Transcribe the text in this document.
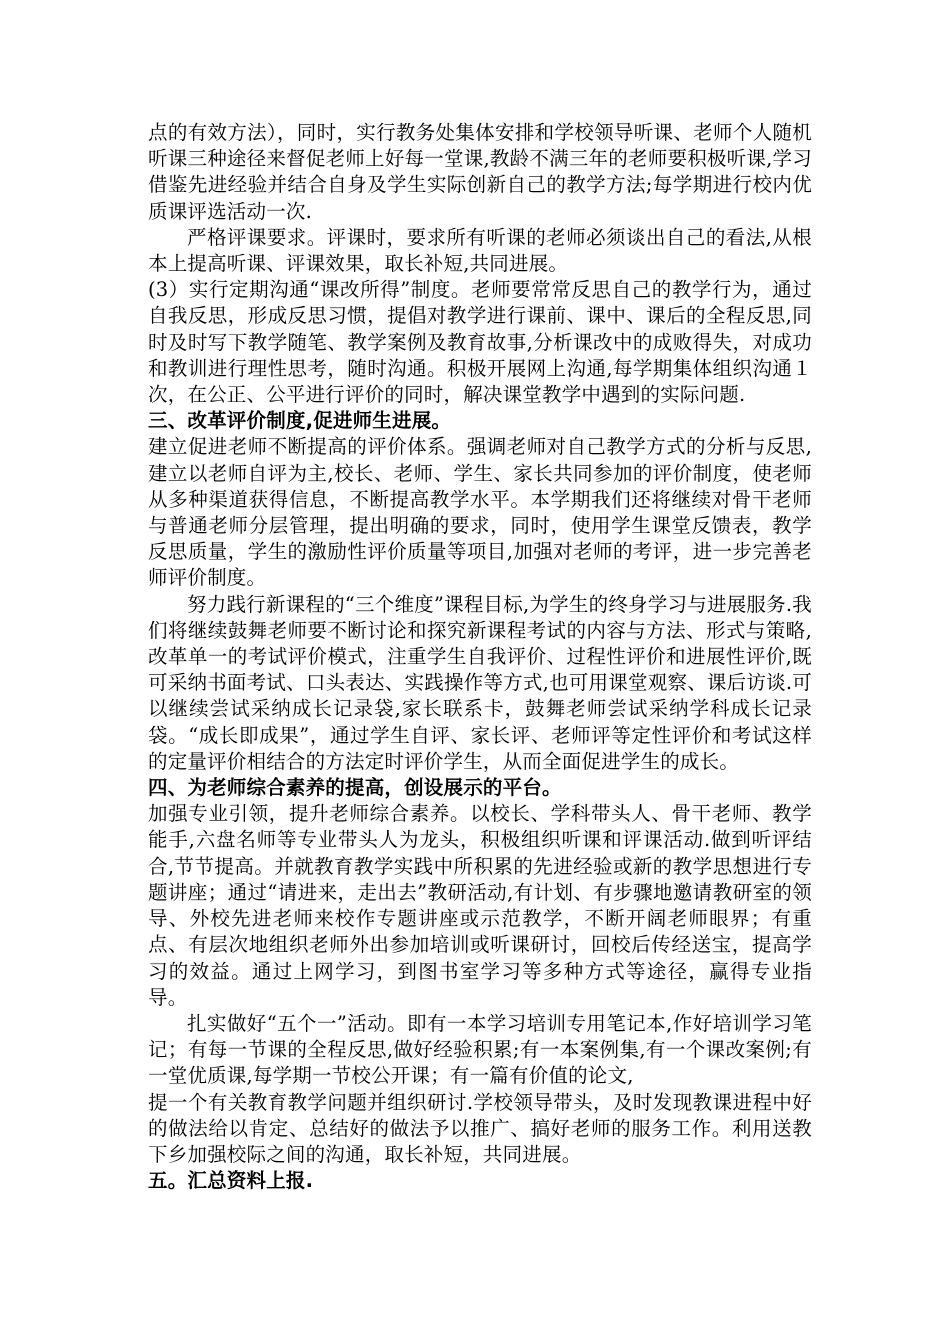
点的有效方法），同时，实行教务处集体安排和学校领导听课、老师个人随机听课三种途径来督促老师上好每一堂课,教龄不满三年的老师要积极听课,学习借鉴先进经验并结合自身及学生实际创新自己的教学方法;每学期进行校内优质课评选活动一次.

严格评课要求。评课时，要求所有听课的老师必须谈出自己的看法,从根本上提高听课、评课效果，取长补短,共同进展。

(3）实行定期沟通“课改所得”制度。老师要常常反思自己的教学行为，通过自我反思，形成反思习惯，提倡对教学进行课前、课中、课后的全程反思,同时及时写下教学随笔、教学案例及教育故事,分析课改中的成败得失，对成功和教训进行理性思考，随时沟通。积极开展网上沟通,每学期集体组织沟通１次，在公正、公平进行评价的同时，解决课堂教学中遇到的实际问题.

三、改革评价制度,促进师生进展。

建立促进老师不断提高的评价体系。强调老师对自己教学方式的分析与反思,建立以老师自评为主,校长、老师、学生、家长共同参加的评价制度，使老师从多种渠道获得信息，不断提高教学水平。本学期我们还将继续对骨干老师与普通老师分层管理，提出明确的要求，同时，使用学生课堂反馈表，教学反思质量，学生的激励性评价质量等项目,加强对老师的考评，进一步完善老师评价制度。

努力践行新课程的“三个维度”课程目标,为学生的终身学习与进展服务.我们将继续鼓舞老师要不断讨论和探究新课程考试的内容与方法、形式与策略,改革单一的考试评价模式，注重学生自我评价、过程性评价和进展性评价,既可采纳书面考试、口头表达、实践操作等方式,也可用课堂观察、课后访谈.可以继续尝试采纳成长记录袋,家长联系卡，鼓舞老师尝试采纳学科成长记录袋。“成长即成果”，通过学生自评、家长评、老师评等定性评价和考试这样的定量评价相结合的方法定时评价学生，从而全面促进学生的成长。

四、为老师综合素养的提高，创设展示的平台。

加强专业引领，提升老师综合素养。以校长、学科带头人、骨干老师、教学能手,六盘名师等专业带头人为龙头，积极组织听课和评课活动.做到听评结合,节节提高。并就教育教学实践中所积累的先进经验或新的教学思想进行专题讲座；通过“请进来，走出去”教研活动,有计划、有步骤地邀请教研室的领导、外校先进老师来校作专题讲座或示范教学，不断开阔老师眼界；有重点、有层次地组织老师外出参加培训或听课研讨，回校后传经送宝，提高学习的效益。通过上网学习，到图书室学习等多种方式等途径，赢得专业指导。

扎实做好“五个一”活动。即有一本学习培训专用笔记本,作好培训学习笔记；有每一节课的全程反思,做好经验积累;有一本案例集,有一个课改案例;有一堂优质课,每学期一节校公开课；有一篇有价值的论文,

提一个有关教育教学问题并组织研讨.学校领导带头，及时发现教课进程中好的做法给以肯定、总结好的做法予以推广、搞好老师的服务工作。利用送教下乡加强校际之间的沟通，取长补短，共同进展。

五。汇总资料上报.
